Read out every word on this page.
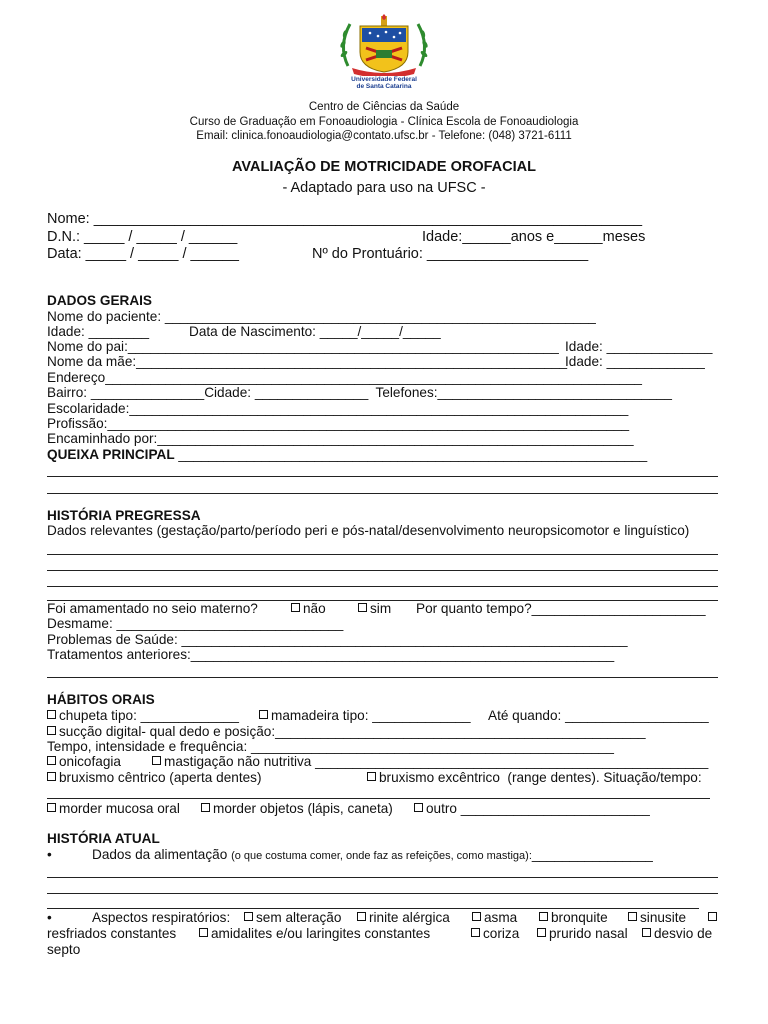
Universidade Federal
de Santa Catarina
Centro de Ciências da Saúde
Curso de Graduação em Fonoaudiologia - Clínica Escola de Fonoaudiologia
Email: clinica.fonoaudiologia@contato.ufsc.br - Telefone: (048) 3721-6111
AVALIAÇÃO DE MOTRICIDADE OROFACIAL
- Adaptado para uso na UFSC -
Nome: ____________________________________________________________________
D.N.: _____ / _____ / ______	Idade:______anos e______meses
Data: _____ / _____ / ______	Nº do Prontuário: ____________________
DADOS GERAIS
Nome do paciente: _________________________________________________________
Idade: ________	Data de Nascimento: _____/_____/_____
Nome do pai:_________________________________________________________ Idade: ______________
Nome da mãe:_________________________________________________________
Idade: _____________
Endereço_______________________________________________________________________
Bairro: _______________Cidade: _______________  Telefones:_______________________________
Escolaridade:__________________________________________________________________
Profissão:_____________________________________________________________________
Encaminhado por:_______________________________________________________________
QUEIXA PRINCIPAL ______________________________________________________________
HISTÓRIA PREGRESSA
Dados relevantes (gestação/parto/período peri e pós-natal/desenvolvimento neuropsicomotor e linguístico)
Foi amamentado no seio materno?	não	sim Por quanto tempo?_______________________
Desmame: ______________________________
Problemas de Saúde: ___________________________________________________________
Tratamentos anteriores:________________________________________________________
HÁBITOS ORAIS
chupeta tipo: _____________	mamadeira tipo: _____________ Até quando: ___________________
sucção digital- qual dedo e posição:_________________________________________________
Tempo, intensidade e frequência: ________________________________________________
onicofagia	mastigação não nutritiva ____________________________________________________
bruxismo cêntrico (aperta dentes)	bruxismo excêntrico  (range dentes). Situação/tempo:
morder mucosa oral	morder objetos (lápis, caneta)	outro _________________________
HISTÓRIA ATUAL
•	Dados da alimentação (o que costuma comer, onde faz as refeições, como mastiga):________________
•	Aspectos respiratórios:	sem alteração	rinite alérgica	asma	bronquite	sinusite
resfriados constantes	amidalites e/ou laringites constantes	coriza	prurido nasal	desvio de
septo
